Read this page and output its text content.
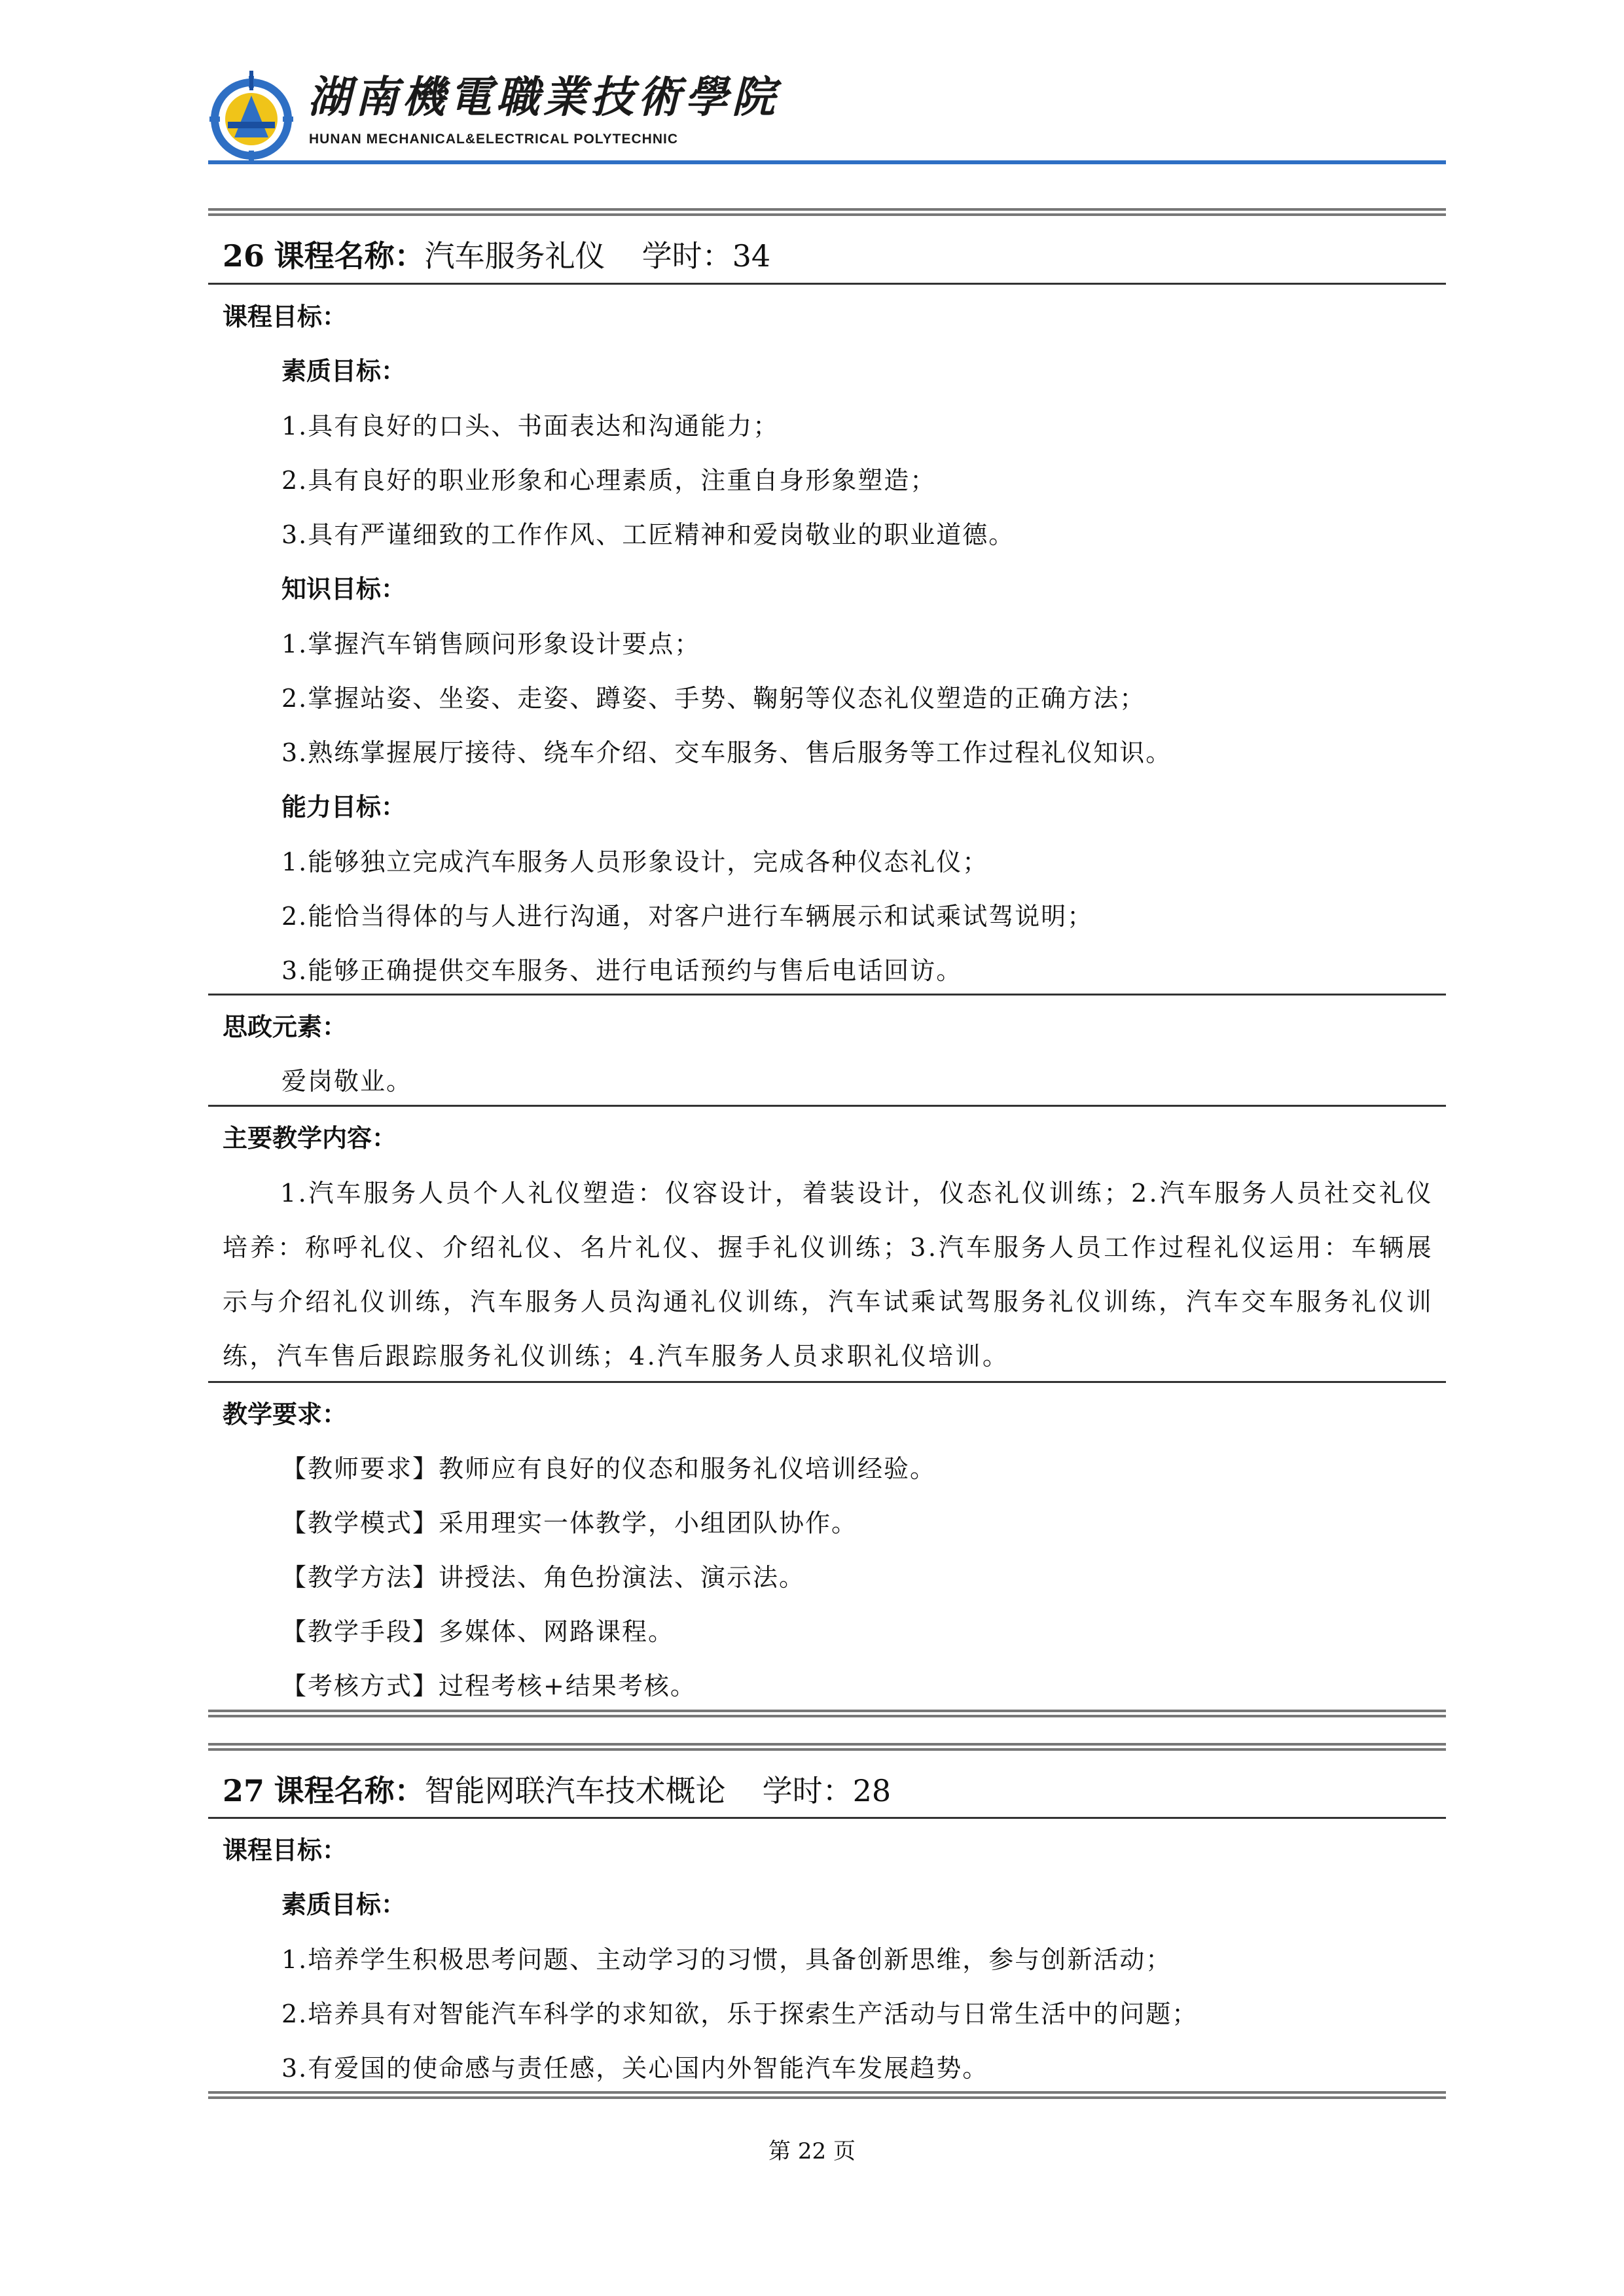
湖南機電職業技術學院
HUNAN MECHANICAL&ELECTRICAL POLYTECHNIC
26 课程名称：汽车服务礼仪 学时：34
课程目标：
素质目标：
1.具有良好的口头、书面表达和沟通能力；
2.具有良好的职业形象和心理素质，注重自身形象塑造；
3.具有严谨细致的工作作风、工匠精神和爱岗敬业的职业道德。
知识目标：
1.掌握汽车销售顾问形象设计要点；
2.掌握站姿、坐姿、走姿、蹲姿、手势、鞠躬等仪态礼仪塑造的正确方法；
3.熟练掌握展厅接待、绕车介绍、交车服务、售后服务等工作过程礼仪知识。
能力目标：
1.能够独立完成汽车服务人员形象设计，完成各种仪态礼仪；
2.能恰当得体的与人进行沟通，对客户进行车辆展示和试乘试驾说明；
3.能够正确提供交车服务、进行电话预约与售后电话回访。
思政元素：
爱岗敬业。
主要教学内容：
1.汽车服务人员个人礼仪塑造：仪容设计，着装设计，仪态礼仪训练；2.汽车服务人员社交礼仪培养：称呼礼仪、介绍礼仪、名片礼仪、握手礼仪训练；3.汽车服务人员工作过程礼仪运用：车辆展示与介绍礼仪训练，汽车服务人员沟通礼仪训练，汽车试乘试驾服务礼仪训练，汽车交车服务礼仪训练，汽车售后跟踪服务礼仪训练；4.汽车服务人员求职礼仪培训。
教学要求：
【教师要求】教师应有良好的仪态和服务礼仪培训经验。
【教学模式】采用理实一体教学，小组团队协作。
【教学方法】讲授法、角色扮演法、演示法。
【教学手段】多媒体、网路课程。
【考核方式】过程考核+结果考核。
27 课程名称：智能网联汽车技术概论 学时：28
课程目标：
素质目标：
1.培养学生积极思考问题、主动学习的习惯，具备创新思维，参与创新活动；
2.培养具有对智能汽车科学的求知欲，乐于探索生产活动与日常生活中的问题；
3.有爱国的使命感与责任感，关心国内外智能汽车发展趋势。
第 22 页
